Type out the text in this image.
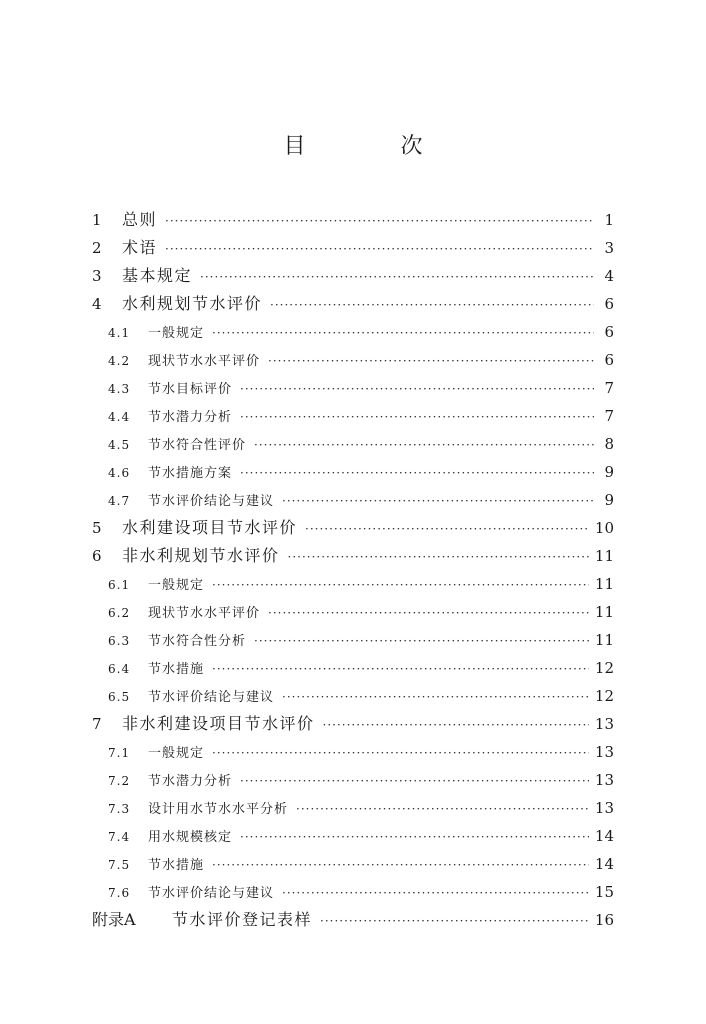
目 次
1	总则 ·····	1
2	术语 ·····	3
3	基本规定 ·····	4
4	水利规划节水评价 ·····	6
4.1	一般规定 ·····	6
4.2	现状节水水平评价 ·····	6
4.3	节水目标评价 ·····	7
4.4	节水潜力分析 ·····	7
4.5	节水符合性评价 ·····	8
4.6	节水措施方案 ·····	9
4.7	节水评价结论与建议 ·····	9
5	水利建设项目节水评价 ·····	10
6	非水利规划节水评价 ·····	11
6.1	一般规定 ·····	11
6.2	现状节水水平评价 ·····	11
6.3	节水符合性分析 ·····	11
6.4	节水措施 ·····	12
6.5	节水评价结论与建议 ·····	12
7	非水利建设项目节水评价 ·····	13
7.1	一般规定 ·····	13
7.2	节水潜力分析 ·····	13
7.3	设计用水节水水平分析 ·····	13
7.4	用水规模核定 ·····	14
7.5	节水措施 ·····	14
7.6	节水评价结论与建议 ·····	15
附录A	节水评价登记表样 ·····	16
